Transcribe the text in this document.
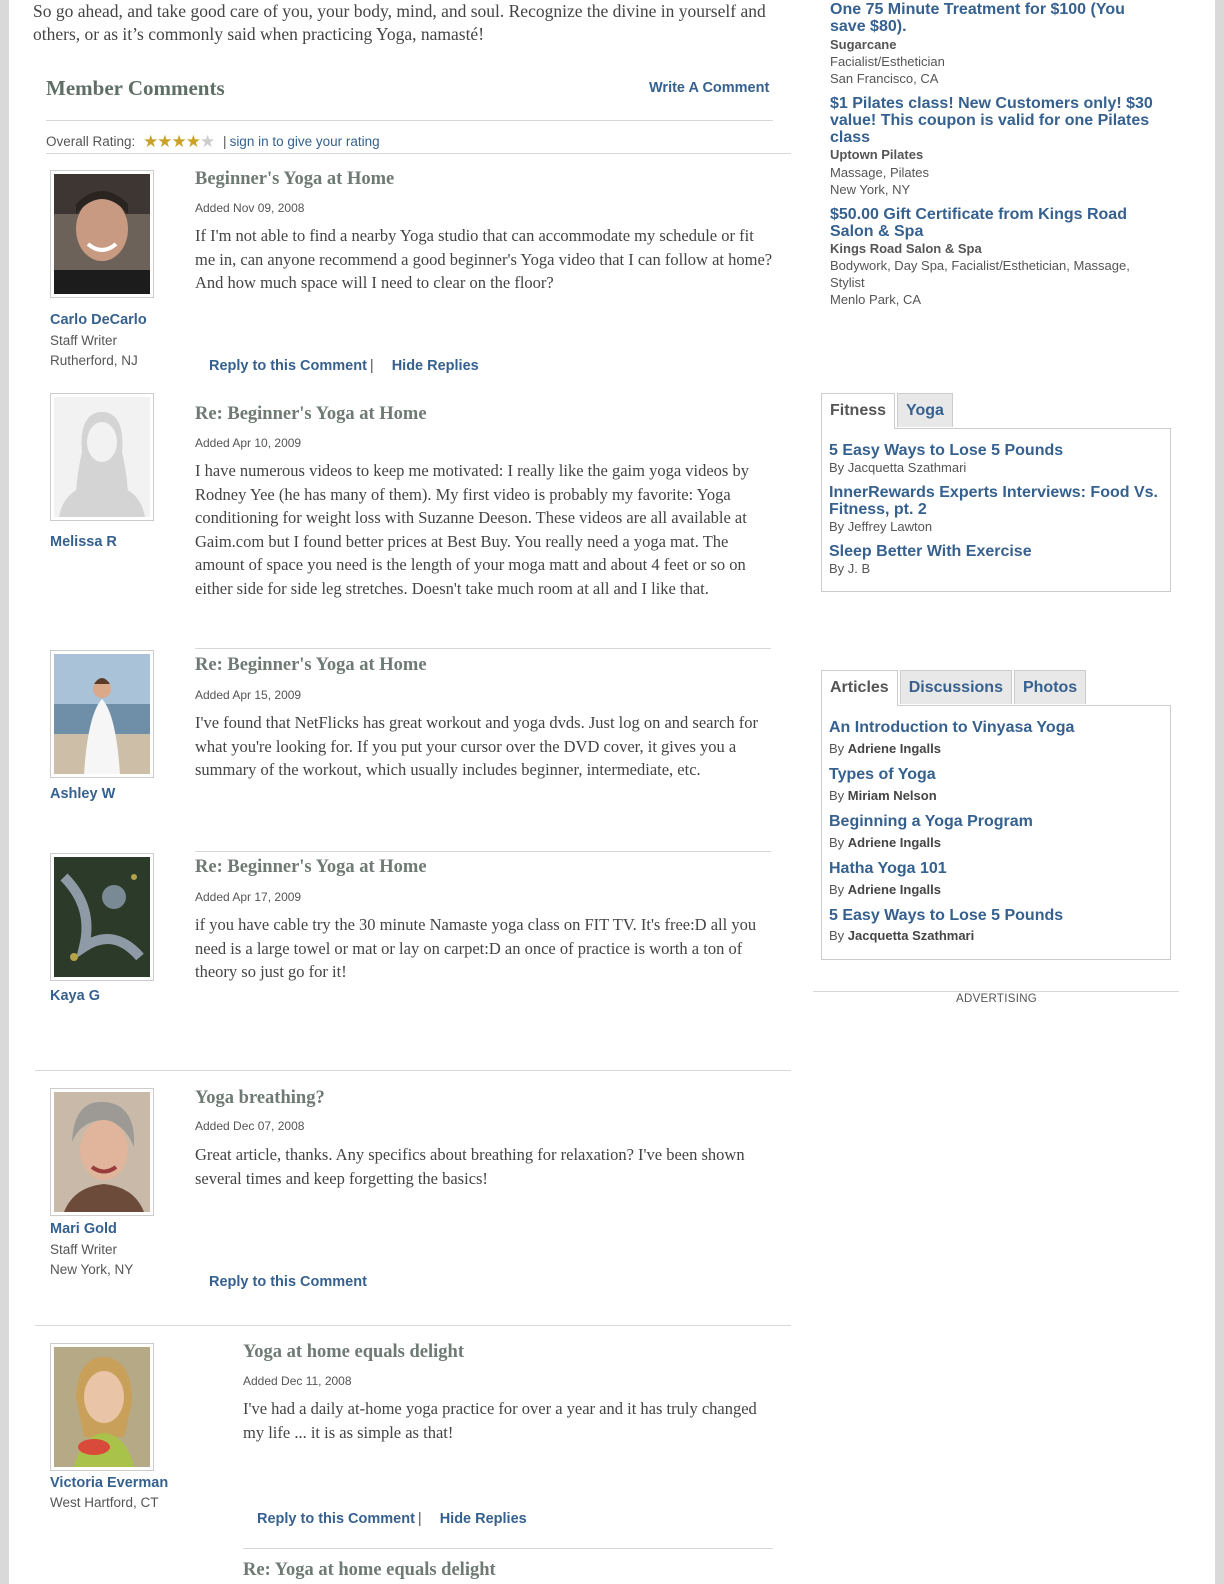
So go ahead, and take good care of you, your body, mind, and soul. Recognize the divine in yourself and others, or as it’s commonly said when practicing Yoga, namasté!
Member Comments	Write A Comment
Overall Rating: ★★★★★ | sign in to give your rating
Carlo DeCarlo
Staff Writer
Rutherford, NJ
Beginner's Yoga at Home
Added Nov 09, 2008
If I'm not able to find a nearby Yoga studio that can accommodate my schedule or fit me in, can anyone recommend a good beginner's Yoga video that I can follow at home? And how much space will I need to clear on the floor?
Reply to this Comment | Hide Replies
Melissa R
Re: Beginner's Yoga at Home
Added Apr 10, 2009
I have numerous videos to keep me motivated: I really like the gaim yoga videos by Rodney Yee (he has many of them). My first video is probably my favorite: Yoga conditioning for weight loss with Suzanne Deeson. These videos are all available at Gaim.com but I found better prices at Best Buy. You really need a yoga mat. The amount of space you need is the length of your moga matt and about 4 feet or so on either side for side leg stretches. Doesn't take much room at all and I like that.
Ashley W
Re: Beginner's Yoga at Home
Added Apr 15, 2009
I've found that NetFlicks has great workout and yoga dvds. Just log on and search for what you're looking for. If you put your cursor over the DVD cover, it gives you a summary of the workout, which usually includes beginner, intermediate, etc.
Kaya G
Re: Beginner's Yoga at Home
Added Apr 17, 2009
if you have cable try the 30 minute Namaste yoga class on FIT TV. It's free:D all you need is a large towel or mat or lay on carpet:D an once of practice is worth a ton of theory so just go for it!
Mari Gold
Staff Writer
New York, NY
Yoga breathing?
Added Dec 07, 2008
Great article, thanks. Any specifics about breathing for relaxation? I've been shown several times and keep forgetting the basics!
Reply to this Comment
Victoria Everman
West Hartford, CT
Yoga at home equals delight
Added Dec 11, 2008
I've had a daily at-home yoga practice for over a year and it has truly changed my life ... it is as simple as that!
Reply to this Comment | Hide Replies
Re: Yoga at home equals delight
One 75 Minute Treatment for $100 (You save $80).
Sugarcane
Facialist/Esthetician
San Francisco, CA
$1 Pilates class! New Customers only! $30 value! This coupon is valid for one Pilates class
Uptown Pilates
Massage, Pilates
New York, NY
$50.00 Gift Certificate from Kings Road Salon & Spa
Kings Road Salon & Spa
Bodywork, Day Spa, Facialist/Esthetician, Massage, Stylist
Menlo Park, CA
Fitness	Yoga
5 Easy Ways to Lose 5 Pounds
By Jacquetta Szathmari
InnerRewards Experts Interviews: Food Vs. Fitness, pt. 2
By Jeffrey Lawton
Sleep Better With Exercise
By J. B
Articles	Discussions	Photos
An Introduction to Vinyasa Yoga
By Adriene Ingalls
Types of Yoga
By Miriam Nelson
Beginning a Yoga Program
By Adriene Ingalls
Hatha Yoga 101
By Adriene Ingalls
5 Easy Ways to Lose 5 Pounds
By Jacquetta Szathmari
ADVERTISING
